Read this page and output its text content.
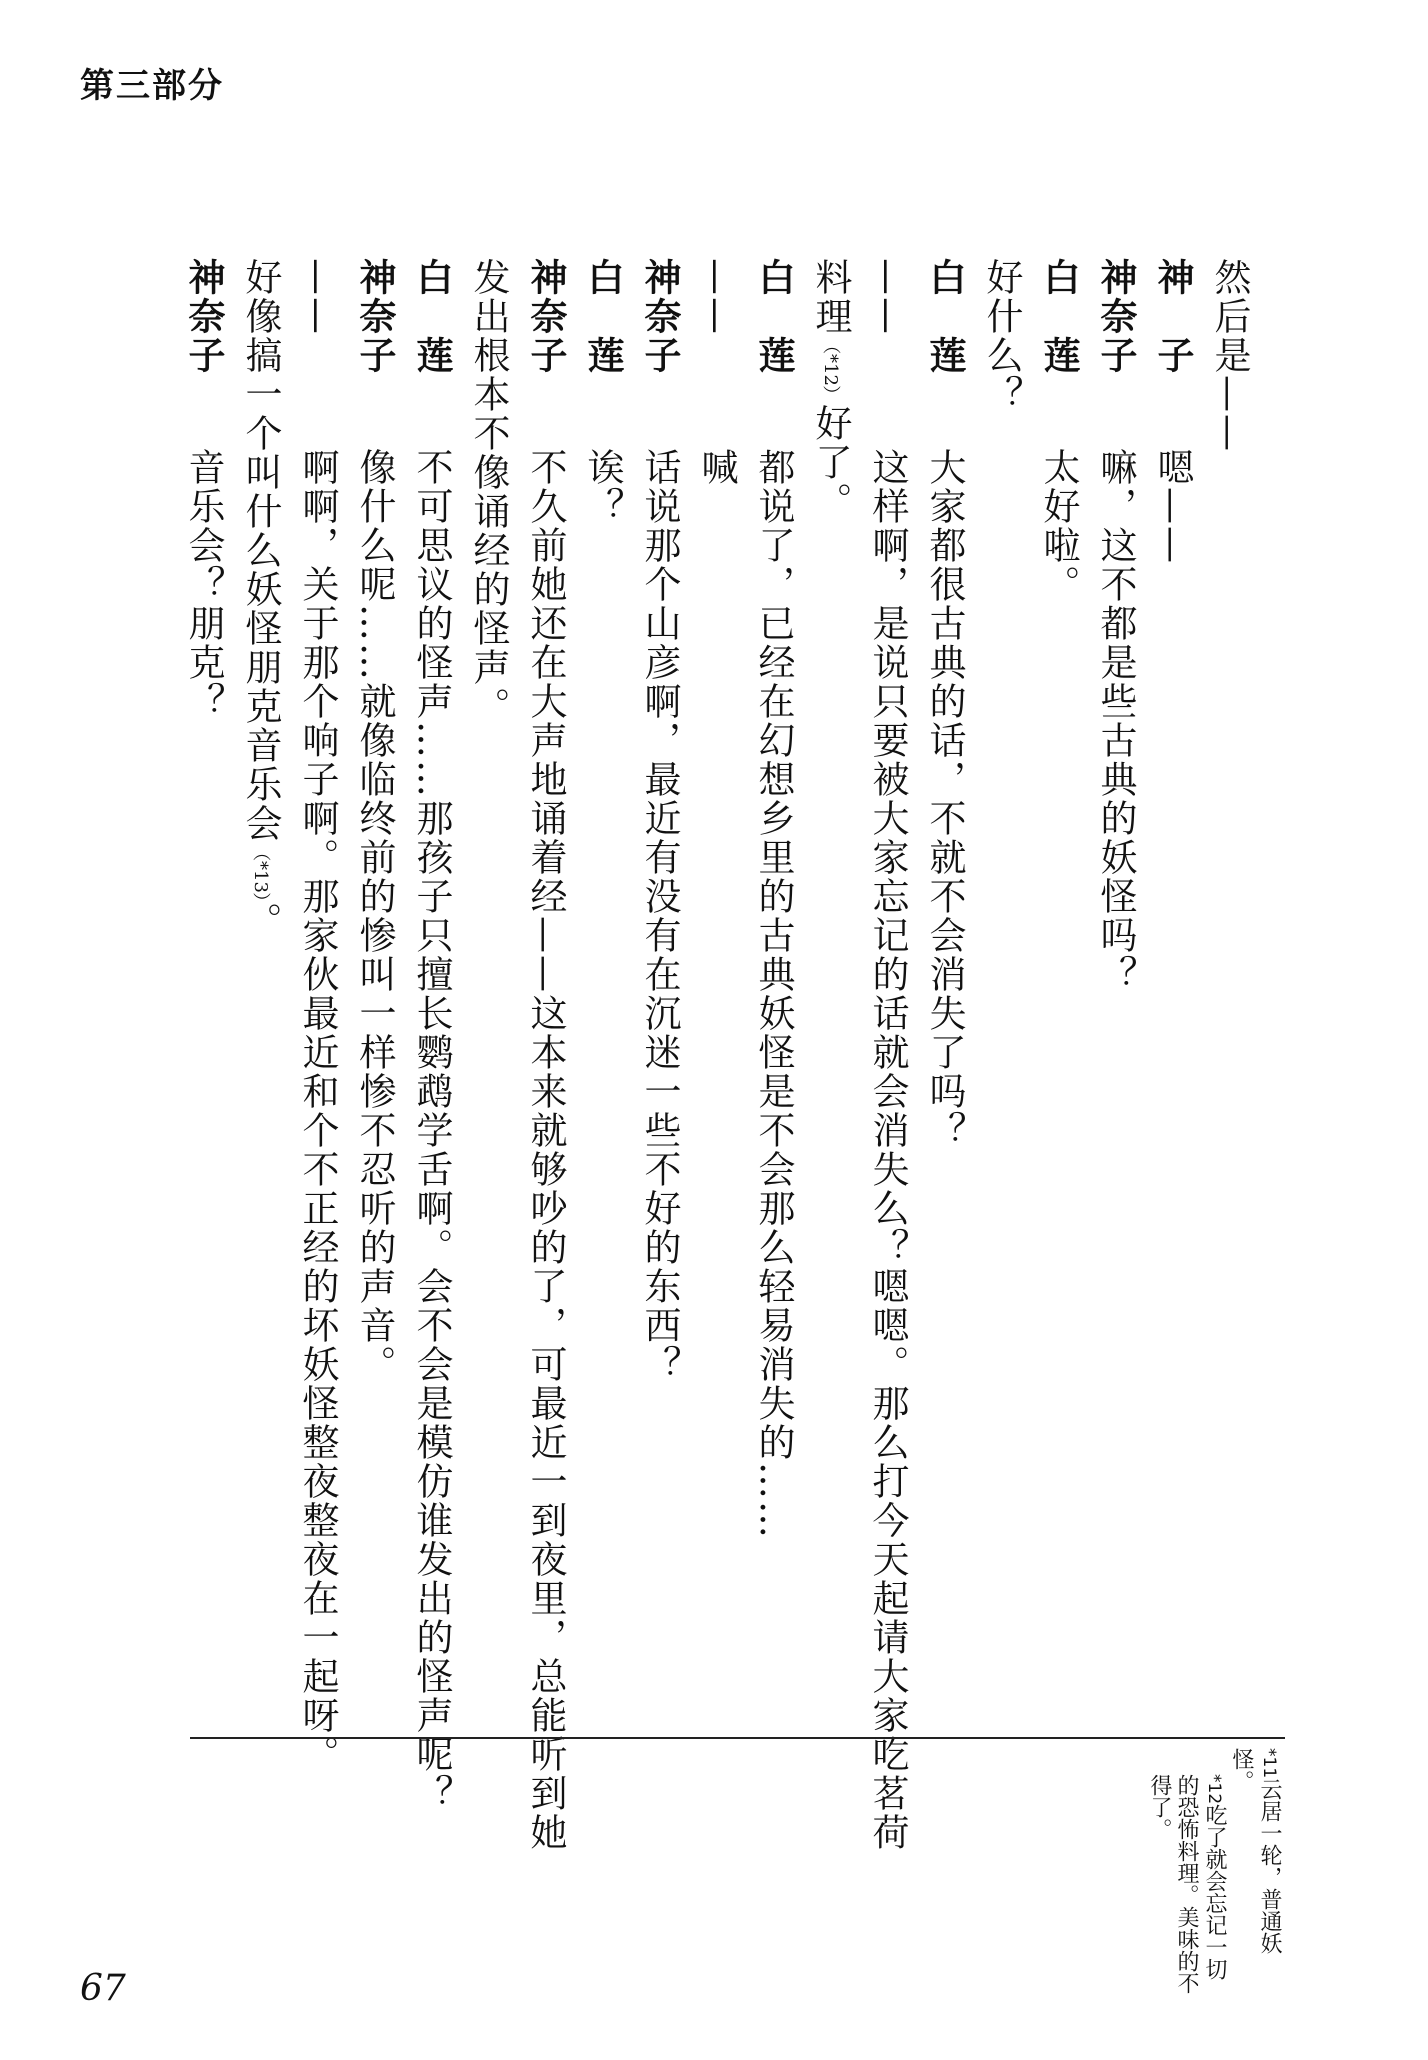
第三部分
然后是——
神　子嗯——
神奈子嘛，这不都是些古典的妖怪吗？
白　莲太好啦。
好什么？
白　莲大家都很古典的话，不就不会消失了吗？
——这样啊，是说只要被大家忘记的话就会消失么？嗯嗯。那么打今天起请大家吃茗荷
料理（*12）好了。
白　莲都说了，已经在幻想乡里的古典妖怪是不会那么轻易消失的……
——喊
神奈子话说那个山彦啊，最近有没有在沉迷一些不好的东西？
白　莲诶？
神奈子不久前她还在大声地诵着经——这本来就够吵的了，可最近一到夜里，总能听到她
发出根本不像诵经的怪声。
白　莲不可思议的怪声……那孩子只擅长鹦鹉学舌啊。会不会是模仿谁发出的怪声呢？
神奈子像什么呢……就像临终前的惨叫一样惨不忍听的声音。
——啊啊，关于那个响子啊。那家伙最近和个不正经的坏妖怪整夜整夜在一起呀。
好像搞一个叫什么妖怪朋克音乐会（*13）。
神奈子音乐会？朋克？
*11云居一轮，普通妖怪。
*12吃了就会忘记一切的恐怖料理。美味的不得了。
67
